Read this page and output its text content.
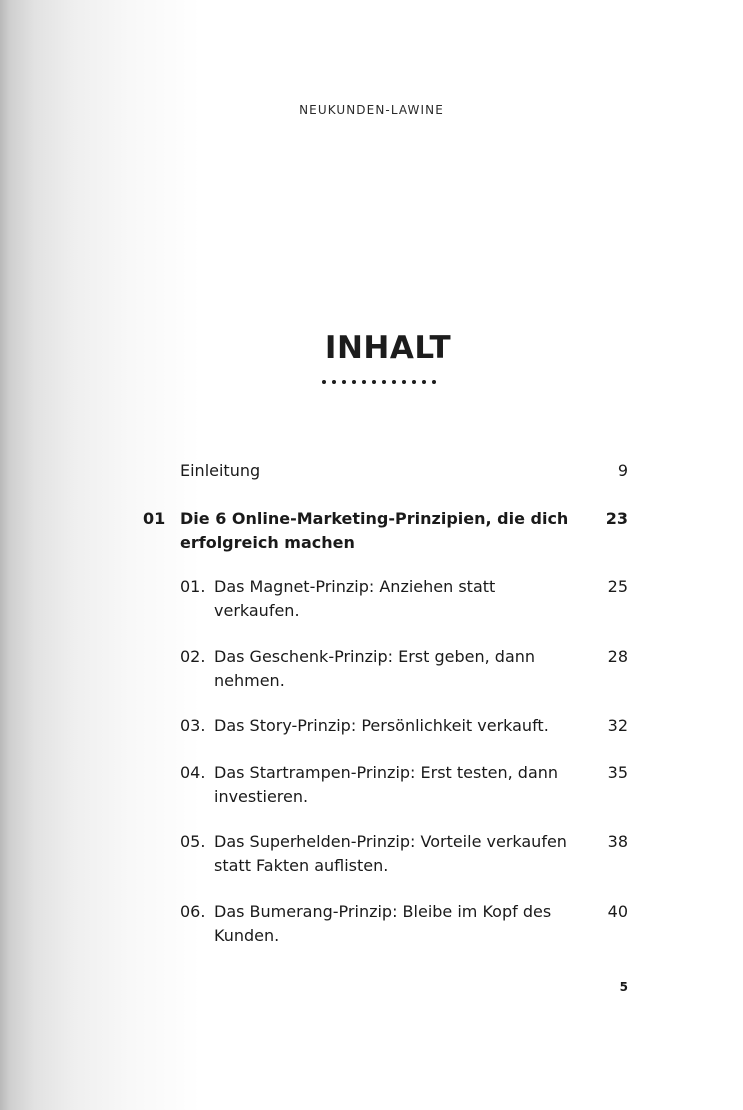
NEUKUNDEN-LAWINE
INHALT
Einleitung	9
01 Die 6 Online-Marketing-Prinzipien, die dich erfolgreich machen
23
01. Das Magnet-Prinzip: Anziehen statt verkaufen.
25
02. Das Geschenk-Prinzip: Erst geben, dann nehmen.
28
03. Das Story-Prinzip: Persönlichkeit verkauft.	32
04. Das Startrampen-Prinzip: Erst testen, dann investieren.
35
05. Das Superhelden-Prinzip: Vorteile verkaufen statt Fakten auflisten.
38
06. Das Bumerang-Prinzip: Bleibe im Kopf des Kunden.
40
5
